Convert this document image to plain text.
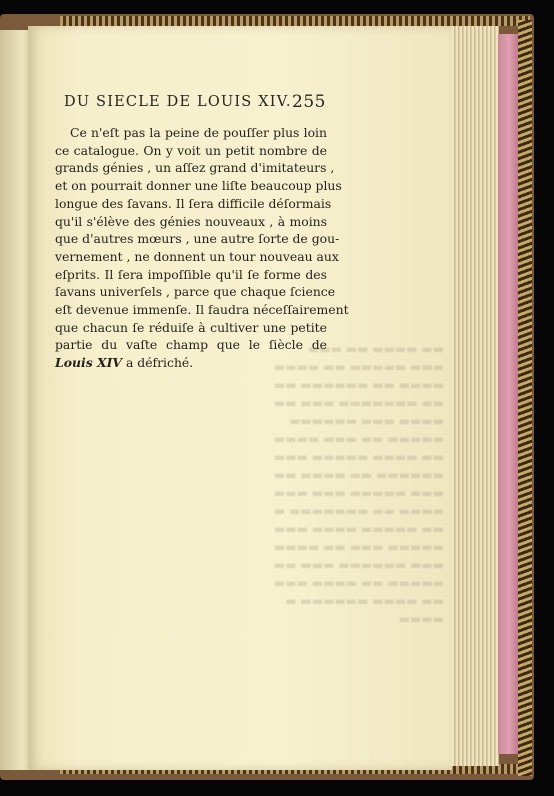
▬▬ ▬▬▬▬ ▬▬ ▬▬▬
▬▬▬ ▬▬▬▬▬ ▬▬ ▬▬▬▬
▬▬▬▬ ▬▬ ▬▬▬▬▬▬ ▬▬
▬▬ ▬▬▬▬▬▬▬ ▬▬▬ ▬▬
▬▬▬▬ ▬▬▬ ▬▬▬▬▬▬
▬▬▬▬▬ ▬▬ ▬▬▬ ▬▬▬▬
▬▬ ▬▬▬▬ ▬▬▬▬▬ ▬▬▬
▬▬▬▬▬▬ ▬▬ ▬▬▬▬ ▬▬
▬▬▬ ▬▬▬▬▬ ▬▬▬ ▬▬▬
▬▬▬▬ ▬▬ ▬▬▬▬▬▬▬ ▬
▬▬ ▬▬▬▬▬ ▬▬▬▬ ▬▬▬
▬▬▬▬▬ ▬▬▬ ▬▬ ▬▬▬▬
▬▬▬ ▬▬▬▬▬▬ ▬▬▬ ▬▬
▬▬▬▬▬ ▬▬ ▬▬▬▬ ▬▬▬
▬▬ ▬▬▬▬ ▬▬▬▬▬▬ ▬
▬▬▬▬
DU SIECLE DE LOUIS XIV. 255
Ce n'eſt pas la peine de pouſſer plus loin
ce catalogue. On y voit un petit nombre de
grands génies , un aſſez grand d'imitateurs ,
et on pourrait donner une liſte beaucoup plus
longue des ſavans. Il ſera difficile déſormais
qu'il s'élève des génies nouveaux , à moins
que d'autres mœurs , une autre ſorte de gou-
vernement , ne donnent un tour nouveau aux
eſprits. Il ſera impoſſible qu'il ſe forme des
ſavans univerſels , parce que chaque ſcience
eſt devenue immenſe. Il faudra néceſſairement
que chacun ſe réduiſe à cultiver une petite
partie du vaſte champ que le ſiècle de
Louis XIV a défriché.
